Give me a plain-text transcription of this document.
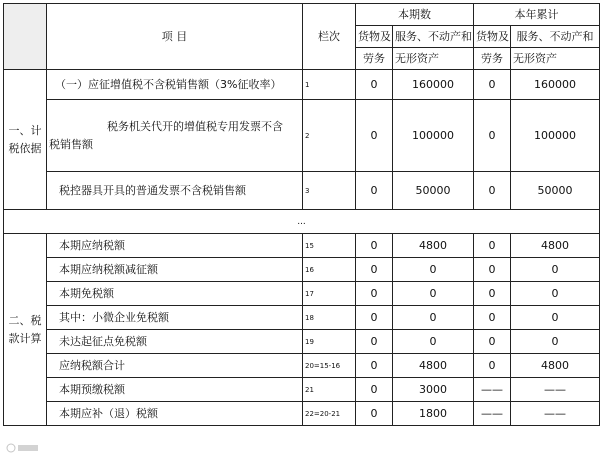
	项 目	栏次	本期数		本年累计	
			货物及	服务、不动产和	货物及	服务、不动产和
			劳务	无形资产	劳务	无形资产

一、计
税依据	（一）应征增值税不含税销售额（3%征收率）	1	0	160000	0	160000

	税务机关代开的增值税专用发票不含
税销售额	2	0	100000	0	100000
	税控器具开具的普通发票不含税销售额	3	0	50000	0	50000
...						

二、税
款计算	本期应纳税额	15	0	4800	0	4800
	本期应纳税额减征额	16	0	0	0	0
	本期免税额	17	0	0	0	0
	其中：小微企业免税额	18	0	0	0	0
	未达起征点免税额	19	0	0	0	0
	应纳税额合计	20=15-16	0	4800	0	4800
	本期预缴税额	21	0	3000	——	——
	本期应补（退）税额	22=20-21	0	1800	——	——
